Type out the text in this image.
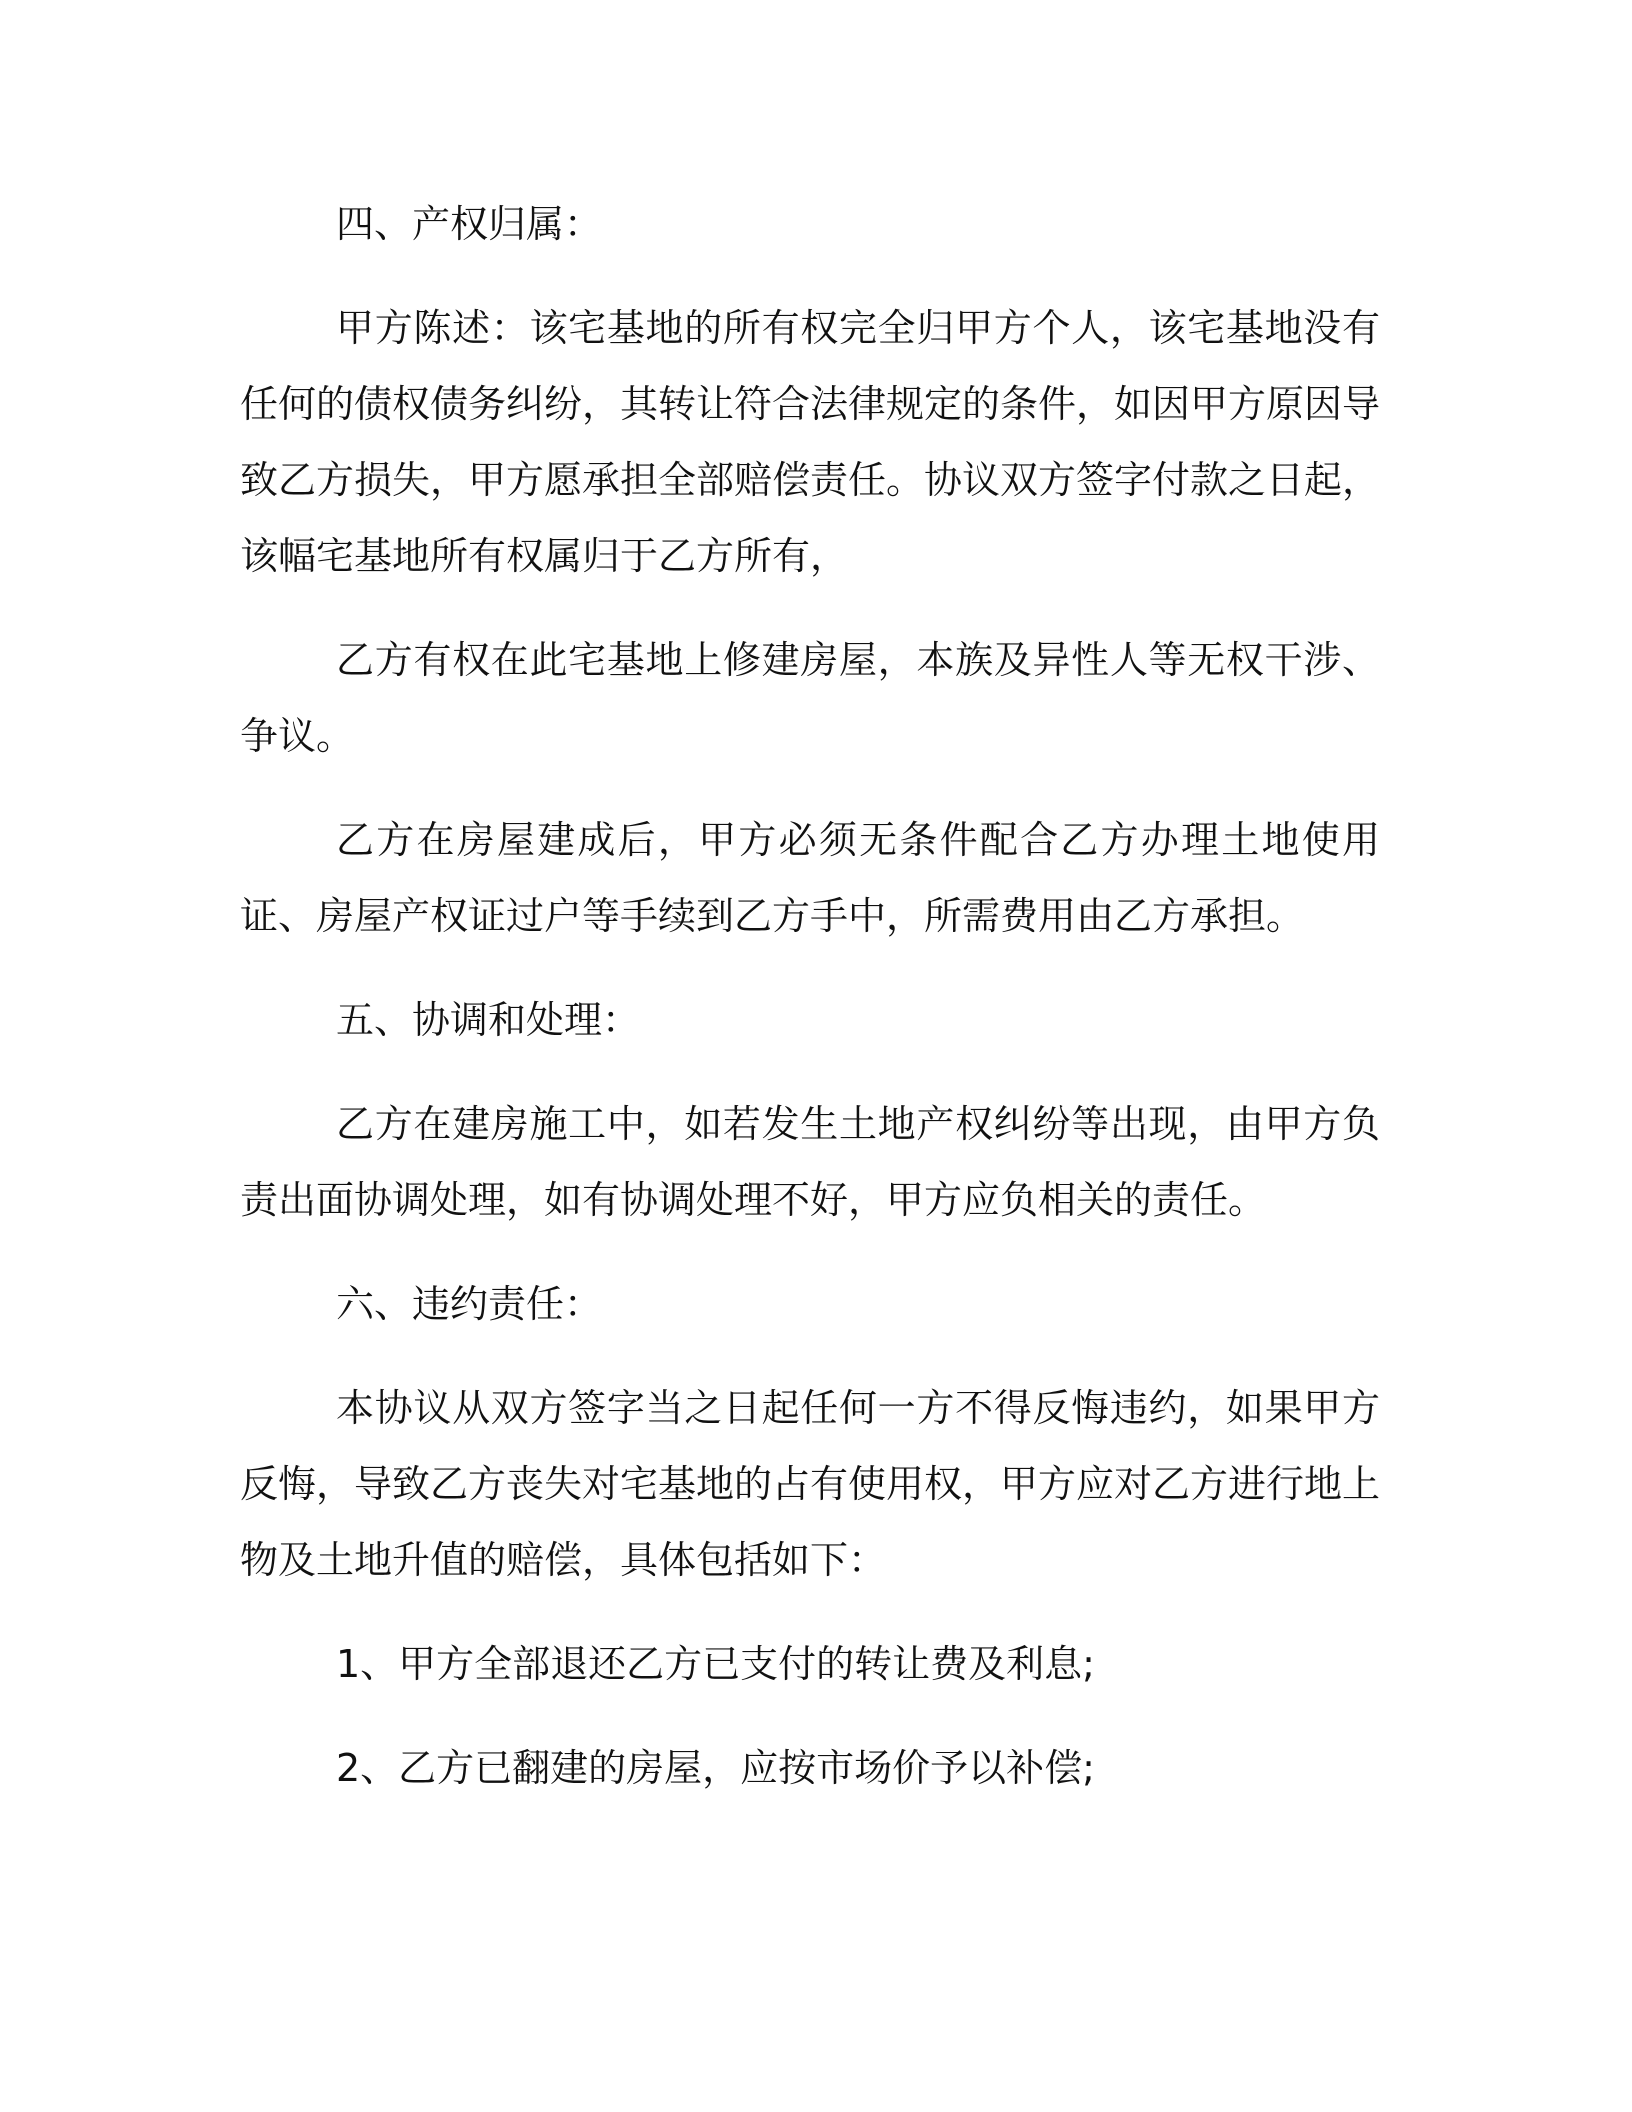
四、产权归属：

甲方陈述：该宅基地的所有权完全归甲方个人，该宅基地没有任何的债权债务纠纷，其转让符合法律规定的条件，如因甲方原因导致乙方损失，甲方愿承担全部赔偿责任。协议双方签字付款之日起，该幅宅基地所有权属归于乙方所有，

乙方有权在此宅基地上修建房屋，本族及异性人等无权干涉、争议。

乙方在房屋建成后，甲方必须无条件配合乙方办理土地使用证、房屋产权证过户等手续到乙方手中，所需费用由乙方承担。

五、协调和处理：

乙方在建房施工中，如若发生土地产权纠纷等出现，由甲方负责出面协调处理，如有协调处理不好，甲方应负相关的责任。

六、违约责任：

本协议从双方签字当之日起任何一方不得反悔违约，如果甲方反悔，导致乙方丧失对宅基地的占有使用权，甲方应对乙方进行地上物及土地升值的赔偿，具体包括如下：

1、甲方全部退还乙方已支付的转让费及利息;

2、乙方已翻建的房屋，应按市场价予以补偿;
